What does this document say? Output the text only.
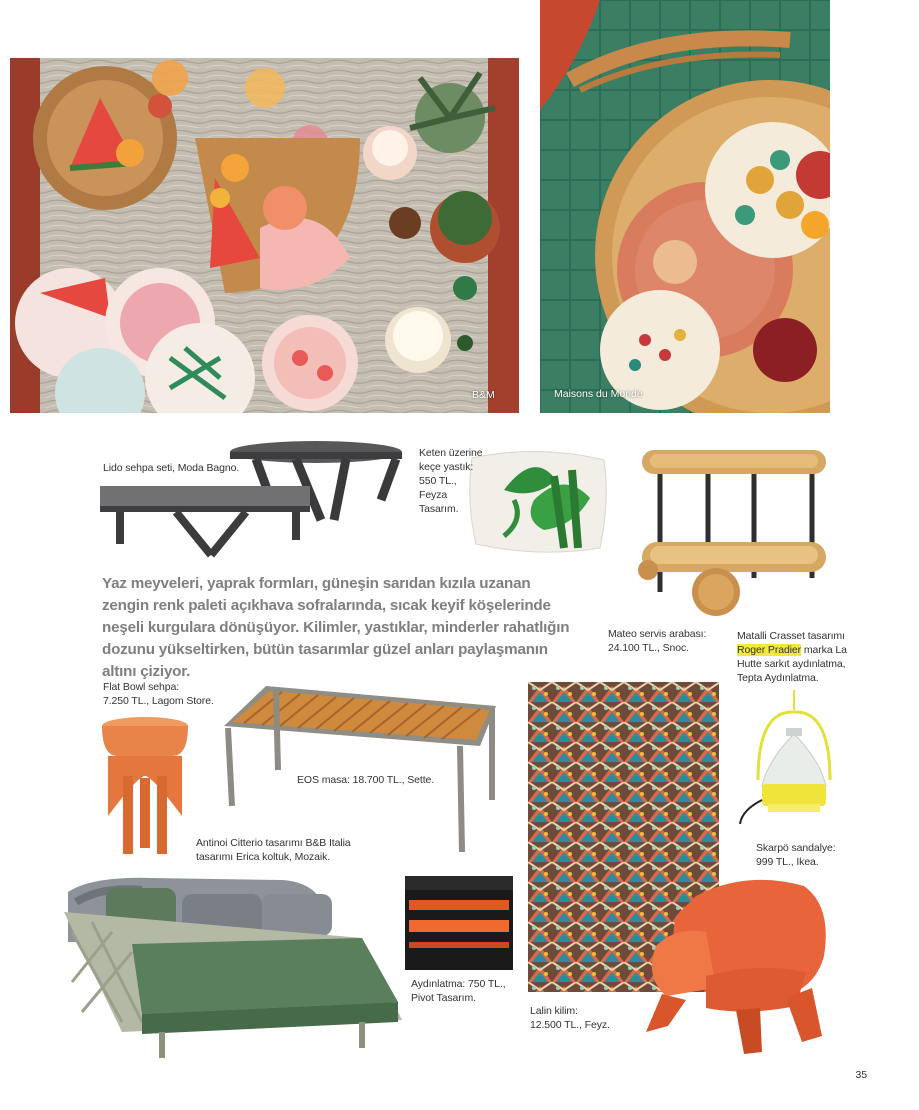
B&M	Maisons du Monde
Lido sehpa seti, Moda Bagno.
Keten üzerine
keçe yastık:
550 TL.,
Feyza
Tasarım.
Mateo servis arabası:
24.100 TL., Snoc.
Matalli Crasset tasarımı
Roger Pradier marka La
Hutte sarkıt aydınlatma,
Tepta Aydınlatma.
Yaz meyveleri, yaprak formları, güneşin sarıdan kızıla uzanan zengin renk paleti açıkhava sofralarında, sıcak keyif köşelerinde neşeli kurgulara dönüşüyor. Kilimler, yastıklar, minderler rahatlığın dozunu yükseltirken, bütün tasarımlar güzel anları paylaşmanın altını çiziyor.
Flat Bowl sehpa:
7.250 TL., Lagom Store.
EOS masa: 18.700 TL., Sette.
Lalin kilim:
12.500 TL., Feyz.
Antinoi Citterio tasarımı B&B Italia
tasarımı Erica koltuk, Mozaik.
Aydınlatma: 750 TL.,
Pivot Tasarım.
Skarpö sandalye:
999 TL., Ikea.
35
